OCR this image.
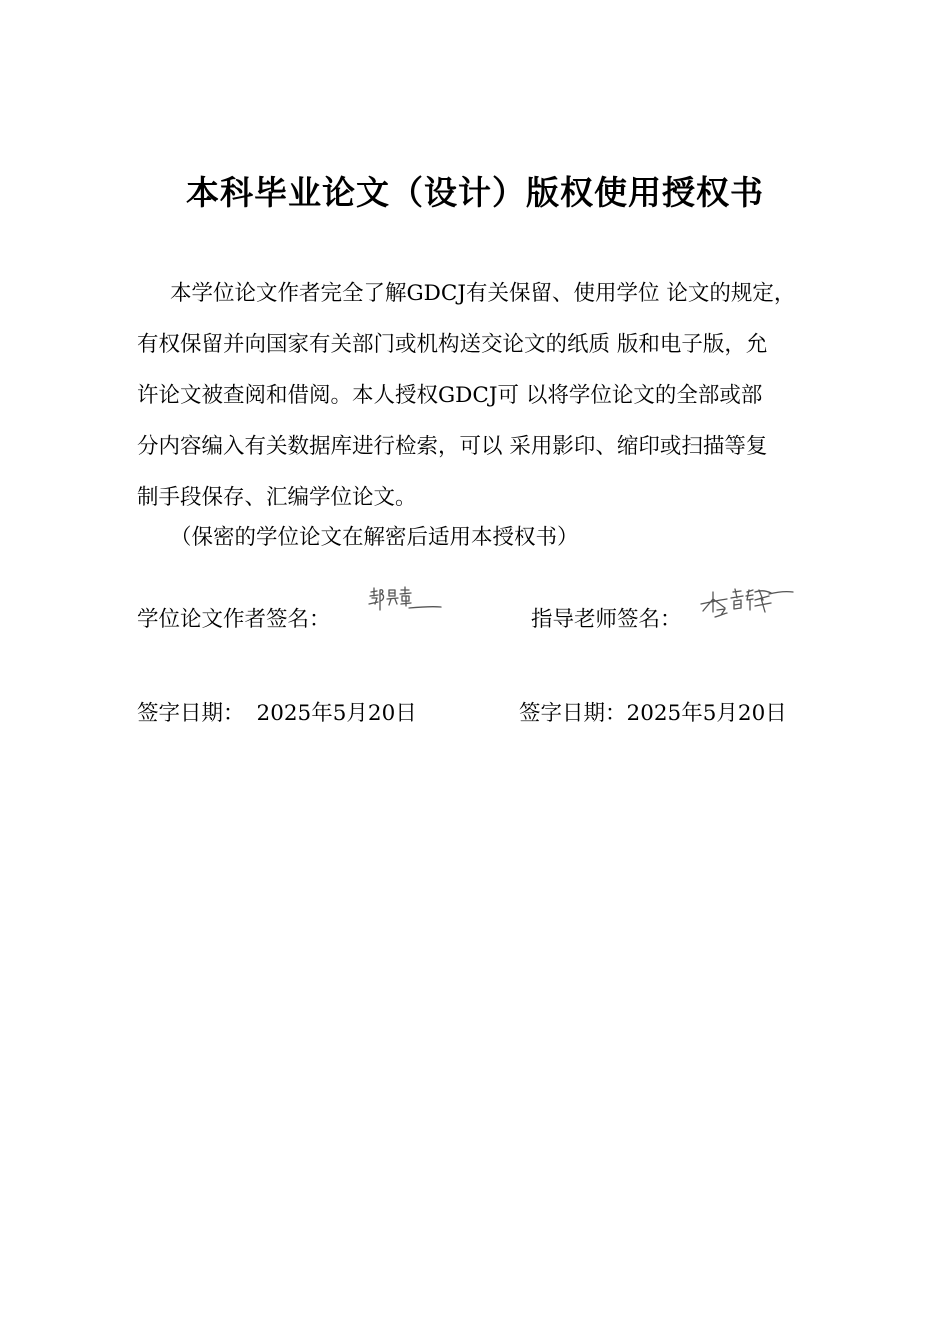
本科毕业论文（设计）版权使用授权书
本学位论文作者完全了解GDCJ有关保留、使用学位 论文的规定，
有权保留并向国家有关部门或机构送交论文的纸质 版和电子版，允
许论文被查阅和借阅。本人授权GDCJ可 以将学位论文的全部或部
分内容编入有关数据库进行检索，可以 采用影印、缩印或扫描等复
制手段保存、汇编学位论文。
（保密的学位论文在解密后适用本授权书）
学位论文作者签名：	指导老师签名：
签字日期： 2025年5月20日	签字日期：2025年5月20日
